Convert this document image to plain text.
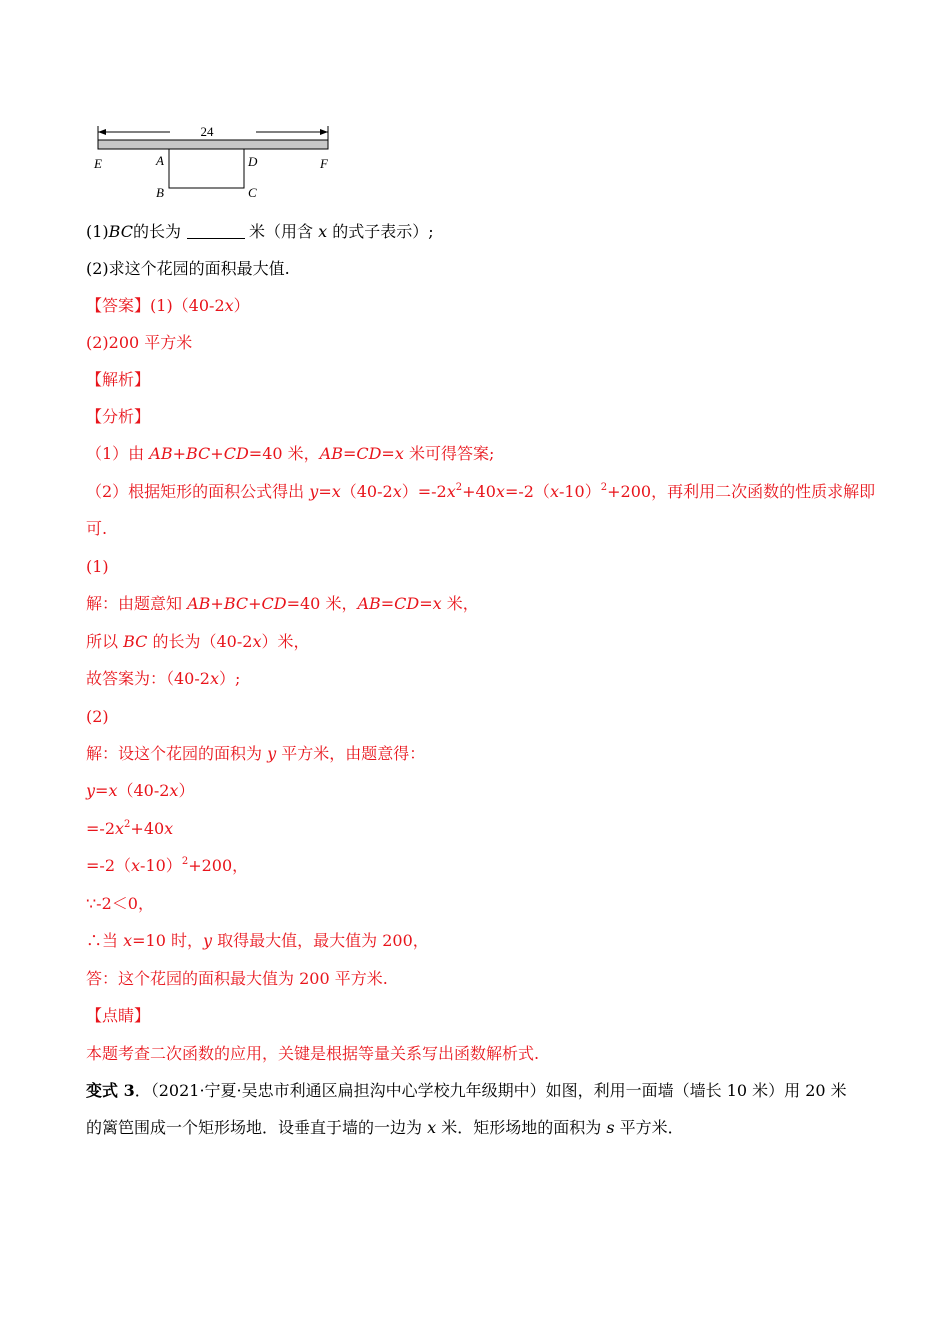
24
E	A	D	F
B	C
(1)BC的长为	米（用含 x 的式子表示）;
(2)求这个花园的面积最大值.
【答案】(1)（40-2x）
(2)200 平方米
【解析】
【分析】
（1）由 AB+BC+CD=40 米，AB=CD=x 米可得答案;
（2）根据矩形的面积公式得出 $y=x(40-2x)=-2x^2+40x=-2(x-10)^2+200$，再利用二次函数的性质求解即
可.
(1)
解：由题意知 AB+BC+CD=40 米，AB=CD=x 米，
所以 BC 的长为（40-2x）米，
故答案为：（40-2x）;
(2)
解：设这个花园的面积为 y 平方米，由题意得：
y=x（40-2x）
$=-2x^2+40x$
$=-2(x-10)^2+200$，
∵-2＜0，
∴当 x=10 时，y 取得最大值，最大值为 200，
答：这个花园的面积最大值为 200 平方米.
【点睛】
本题考查二次函数的应用，关键是根据等量关系写出函数解析式.
变式 3．（2021·宁夏·吴忠市利通区扁担沟中心学校九年级期中）如图，利用一面墙（墙长 10 米）用 20 米
的篱笆围成一个矩形场地．设垂直于墙的一边为 x 米．矩形场地的面积为 s 平方米．
